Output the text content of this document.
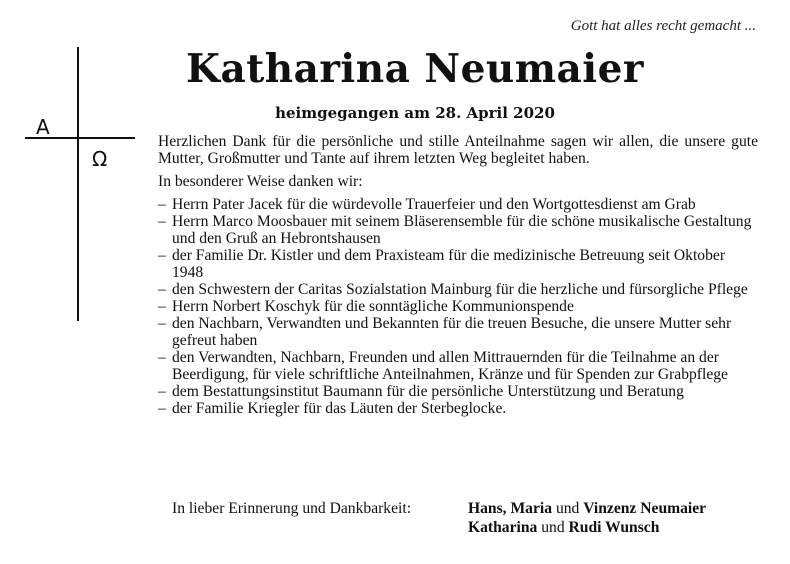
Gott hat alles recht gemacht ...
Katharina Neumaier
heimgegangen am 28. April 2020
A
Ω

Herzlichen Dank für die persönliche und stille Anteilnahme sagen wir allen, die unsere gute Mutter, Großmutter und Tante auf ihrem letzten Weg begleitet haben.

In besonderer Weise danken wir:

– Herrn Pater Jacek für die würdevolle Trauerfeier und den Wortgottesdienst am Grab
– Herrn Marco Moosbauer mit seinem Bläserensemble für die schöne musikalische Gestaltung und den Gruß an Hebrontshausen
– der Familie Dr. Kistler und dem Praxisteam für die medizinische Betreuung seit Oktober 1948
– den Schwestern der Caritas Sozialstation Mainburg für die herzliche und fürsorgliche Pflege
– Herrn Norbert Koschyk für die sonntägliche Kommunionspende
– den Nachbarn, Verwandten und Bekannten für die treuen Besuche, die unsere Mutter sehr gefreut haben
– den Verwandten, Nachbarn, Freunden und allen Mittrauernden für die Teilnahme an der Beerdigung, für viele schriftliche Anteilnahmen, Kränze und für Spenden zur Grabpflege
– dem Bestattungsinstitut Baumann für die persönliche Unterstützung und Beratung
– der Familie Kriegler für das Läuten der Sterbeglocke.
In lieber Erinnerung und Dankbarkeit:	Hans, Maria und Vinzenz Neumaier
Katharina und Rudi Wunsch
